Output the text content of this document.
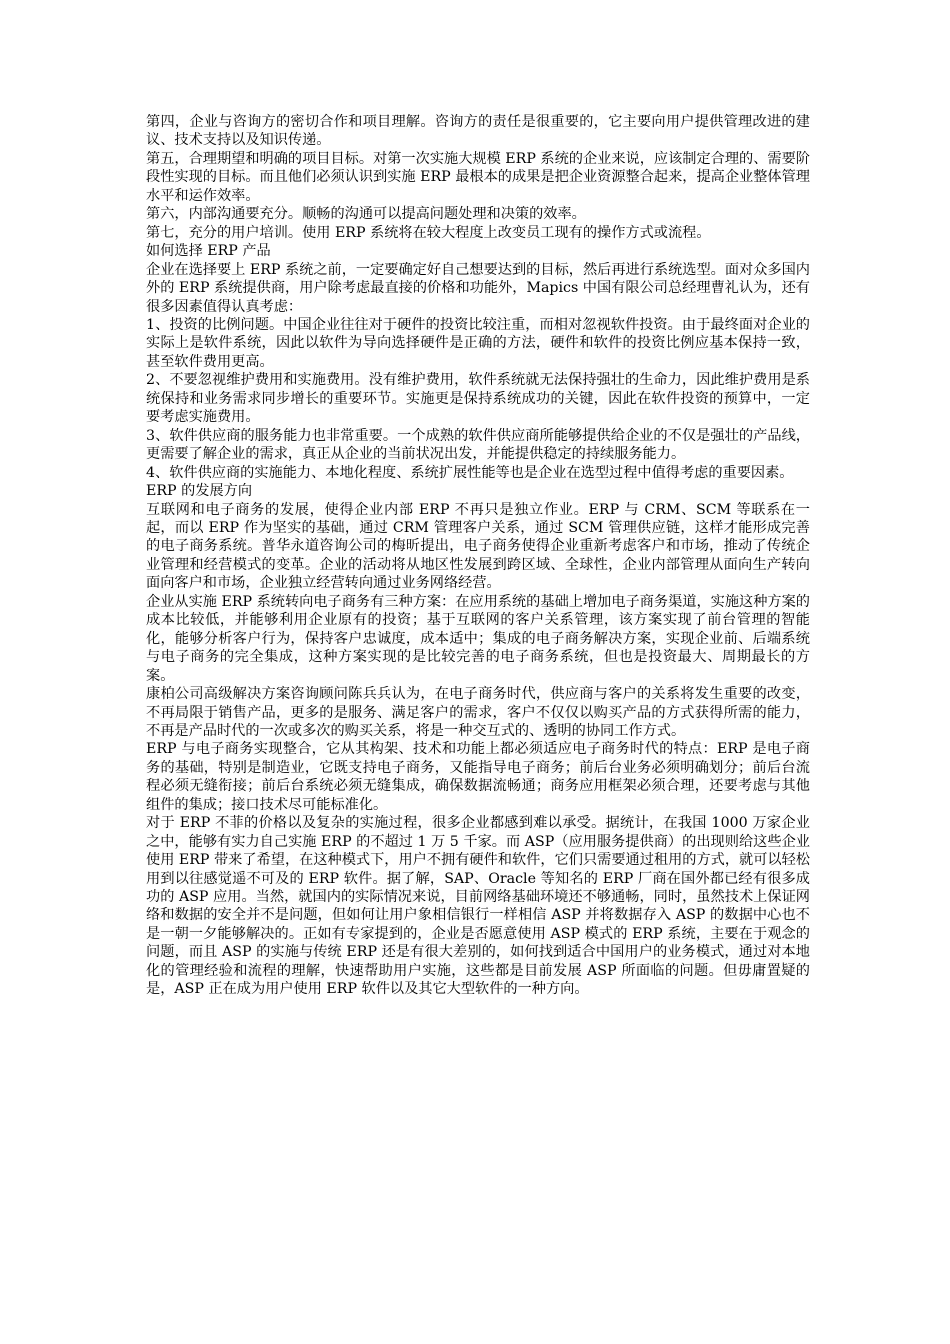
第四，企业与咨询方的密切合作和项目理解。咨询方的责任是很重要的，它主要向用户提供管理改进的建议、技术支持以及知识传递。

第五，合理期望和明确的项目目标。对第一次实施大规模 ERP 系统的企业来说，应该制定合理的、需要阶段性实现的目标。而且他们必须认识到实施 ERP 最根本的成果是把企业资源整合起来，提高企业整体管理水平和运作效率。

第六，内部沟通要充分。顺畅的沟通可以提高问题处理和决策的效率。

第七，充分的用户培训。使用 ERP 系统将在较大程度上改变员工现有的操作方式或流程。

如何选择 ERP 产品

企业在选择要上 ERP 系统之前，一定要确定好自己想要达到的目标，然后再进行系统选型。面对众多国内外的 ERP 系统提供商，用户除考虑最直接的价格和功能外，Mapics 中国有限公司总经理曹礼认为，还有很多因素值得认真考虑：

1、投资的比例问题。中国企业往往对于硬件的投资比较注重，而相对忽视软件投资。由于最终面对企业的实际上是软件系统，因此以软件为导向选择硬件是正确的方法，硬件和软件的投资比例应基本保持一致，甚至软件费用更高。

2、不要忽视维护费用和实施费用。没有维护费用，软件系统就无法保持强壮的生命力，因此维护费用是系统保持和业务需求同步增长的重要环节。实施更是保持系统成功的关键，因此在软件投资的预算中，一定要考虑实施费用。

3、软件供应商的服务能力也非常重要。一个成熟的软件供应商所能够提供给企业的不仅是强壮的产品线，更需要了解企业的需求，真正从企业的当前状况出发，并能提供稳定的持续服务能力。

4、软件供应商的实施能力、本地化程度、系统扩展性能等也是企业在选型过程中值得考虑的重要因素。

ERP 的发展方向

互联网和电子商务的发展，使得企业内部 ERP 不再只是独立作业。ERP 与 CRM、SCM 等联系在一起，而以 ERP 作为坚实的基础，通过 CRM 管理客户关系，通过 SCM 管理供应链，这样才能形成完善的电子商务系统。普华永道咨询公司的梅昕提出，电子商务使得企业重新考虑客户和市场，推动了传统企业管理和经营模式的变革。企业的活动将从地区性发展到跨区域、全球性，企业内部管理从面向生产转向面向客户和市场，企业独立经营转向通过业务网络经营。

企业从实施 ERP 系统转向电子商务有三种方案：在应用系统的基础上增加电子商务渠道，实施这种方案的成本比较低，并能够利用企业原有的投资；基于互联网的客户关系管理，该方案实现了前台管理的智能化，能够分析客户行为，保持客户忠诚度，成本适中；集成的电子商务解决方案，实现企业前、后端系统与电子商务的完全集成，这种方案实现的是比较完善的电子商务系统，但也是投资最大、周期最长的方案。

康柏公司高级解决方案咨询顾问陈兵兵认为，在电子商务时代，供应商与客户的关系将发生重要的改变，不再局限于销售产品，更多的是服务、满足客户的需求，客户不仅仅以购买产品的方式获得所需的能力，不再是产品时代的一次或多次的购买关系，将是一种交互式的、透明的协同工作方式。

ERP 与电子商务实现整合，它从其构架、技术和功能上都必须适应电子商务时代的特点：ERP 是电子商务的基础，特别是制造业，它既支持电子商务，又能指导电子商务；前后台业务必须明确划分；前后台流程必须无缝衔接；前后台系统必须无缝集成，确保数据流畅通；商务应用框架必须合理，还要考虑与其他组件的集成；接口技术尽可能标准化。

对于 ERP 不菲的价格以及复杂的实施过程，很多企业都感到难以承受。据统计，在我国 1000 万家企业之中，能够有实力自己实施 ERP 的不超过 1 万 5 千家。而 ASP（应用服务提供商）的出现则给这些企业使用 ERP 带来了希望，在这种模式下，用户不拥有硬件和软件，它们只需要通过租用的方式，就可以轻松用到以往感觉遥不可及的 ERP 软件。据了解，SAP、Oracle 等知名的 ERP 厂商在国外都已经有很多成功的 ASP 应用。当然，就国内的实际情况来说，目前网络基础环境还不够通畅，同时，虽然技术上保证网络和数据的安全并不是问题，但如何让用户象相信银行一样相信 ASP 并将数据存入 ASP 的数据中心也不是一朝一夕能够解决的。正如有专家提到的，企业是否愿意使用 ASP 模式的 ERP 系统，主要在于观念的问题，而且 ASP 的实施与传统 ERP 还是有很大差别的，如何找到适合中国用户的业务模式，通过对本地化的管理经验和流程的理解，快速帮助用户实施，这些都是目前发展 ASP 所面临的问题。但毋庸置疑的是，ASP 正在成为用户使用 ERP 软件以及其它大型软件的一种方向。
